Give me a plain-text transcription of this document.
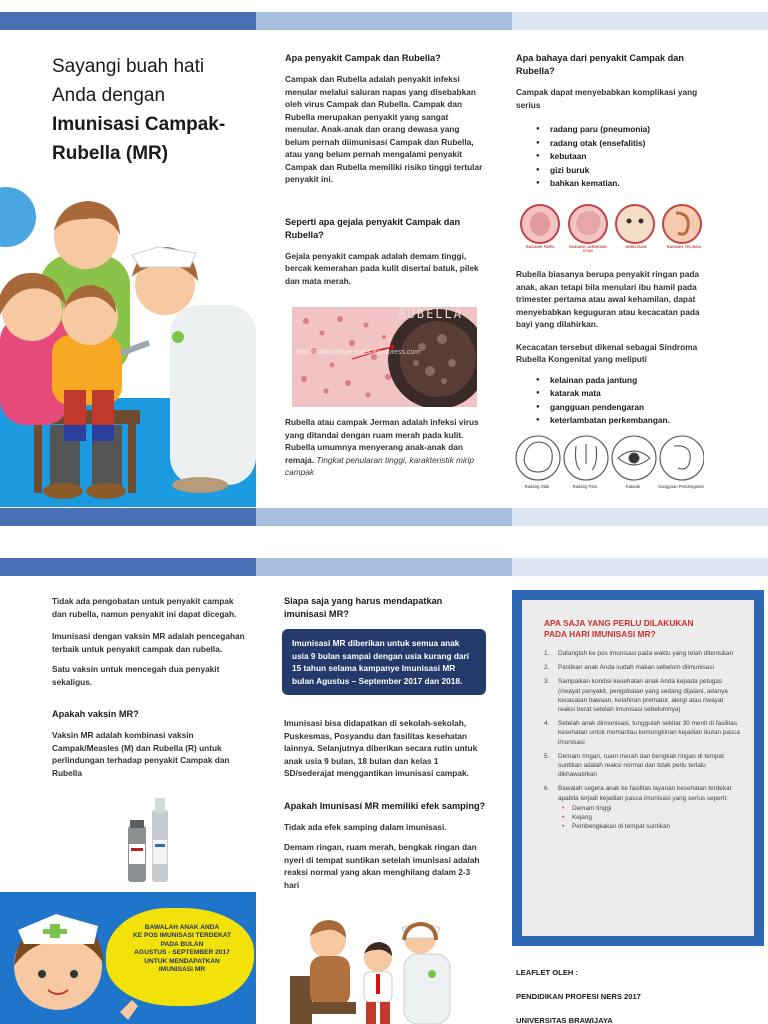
Sayangi buah hati
Anda dengan
Imunisasi Campak-
Rubella (MR)
Apa penyakit Campak dan Rubella?

Campak dan Rubella adalah penyakit infeksi menular melalui saluran napas yang disebabkan oleh virus Campak dan Rubella. Campak dan Rubella merupakan penyakit yang sangat menular. Anak-anak dan orang dewasa yang belum pernah diimunisasi Campak dan Rubella, atau yang belum pernah mengalami penyakit Campak dan Rubella memiliki risiko tinggi tertular penyakit ini.

Seperti apa gejala penyakit Campak dan Rubella?

Gejala penyakit campak adalah demam tinggi, bercak kemerahan pada kulit disertai batuk, pilek dan mata merah.

RUBELLA
http://dokterdanpenyakit.wordpress.com

Rubella atau campak Jerman adalah infeksi virus yang ditandai dengan ruam merah pada kulit. Rubella umumnya menyerang anak-anak dan remaja. Tingkat penularan tinggi, karakteristik mirip campak

Apa bahaya dari penyakit Campak dan Rubella?

Campak dapat menyebabkan komplikasi yang serius

● radang paru (pneumonia)
● radang otak (ensefalitis)
● kebutaan
● gizi buruk
● bahkan kematian.
RADANG PARU	RADANG JARINGAN OTAK
KEBUTAAN	RADANG TELINGA

Rubella biasanya berupa penyakit ringan pada anak, akan tetapi bila menulari ibu hamil pada trimester pertama atau awal kehamilan, dapat menyebabkan keguguran atau kecacatan pada bayi yang dilahirkan.

Kecacatan tersebut dikenal sebagai Sindroma Rubella Kongenital yang meliputi

● kelainan pada jantung
● katarak mata
● gangguan pendengaran
● keterlambatan perkembangan.
Radang Otak	Radang Paru	Katarak	Gangguan Pendengaran

Tidak ada pengobatan untuk penyakit campak dan rubella, namun penyakit ini dapat dicegah.

Imunisasi dengan vaksin MR adalah pencegahan terbaik untuk penyakit campak dan rubella.

Satu vaksin untuk mencegah dua penyakit sekaligus.

Apakah vaksin MR?

Vaksin MR adalah kombinasi vaksin Campak/Measles (M) dan Rubella (R) untuk perlindungan terhadap penyakit Campak dan Rubella

BAWALAH ANAK ANDA

KE POS IMUNISASI TERDEKAT

PADA BULAN

AGUSTUS - SEPTEMBER 2017

UNTUK MENDAPATKAN

IMUNISASI MR

Siapa saja yang harus mendapatkan imunisasi MR?

Imunisasi MR diberikan untuk semua anak usia 9 bulan sampai dengan usia kurang dari 15 tahun selama kampanye Imunisasi MR bulan Agustus – September 2017 dan 2018.

Imunisasi bisa didapatkan di sekolah-sekolah, Puskesmas, Posyandu dan fasilitas kesehatan lainnya. Selanjutnya diberikan secara rutin untuk anak usia 9 bulan, 18 bulan dan kelas 1 SD/sederajat menggantikan imunisasi campak.

Apakah Imunisasi MR memiliki efek samping?

Tidak ada efek samping dalam imunisasi.

Demam ringan, ruam merah, bengkak ringan dan nyeri di tempat suntikan setelah imunisasi adalah reaksi normal yang akan menghilang dalam 2-3 hari

APA SAJA YANG PERLU DILAKUKAN
PADA HARI IMUNISASI MR?
1. Datanglah ke pos imunisasi pada waktu yang telah ditentukan
2. Pastikan anak Anda sudah makan sebelum diimunisasi
3. Sampaikan kondisi kesehatan anak Anda kepada petugas (riwayat penyakit, pengobatan yang sedang dijalani, adanya kecacatan bawaan, kelahiran prematur, alergi atau riwayat reaksi berat setelah imunisasi sebelumnya)
4. Setelah anak diimunisasi, tunggulah sekitar 30 menit di fasilitas kesehatan untuk memantau kemungkinan kejadian ikutan pasca imunisasi
5. Demam ringan, ruam merah dan bengkak ringan di tempat suntikan adalah reaksi normal dan tidak perlu terlalu dikhawatirkan
6. Bawalah segera anak ke fasilitas layanan kesehatan terdekat apabila terjadi kejadian pasca imunisasi yang serius seperti:
• Demam tinggi
• Kejang
• Pembengkakan di tempat suntikan

LEAFLET OLEH :

PENDIDIKAN PROFESI NERS 2017

UNIVERSITAS BRAWIJAYA
